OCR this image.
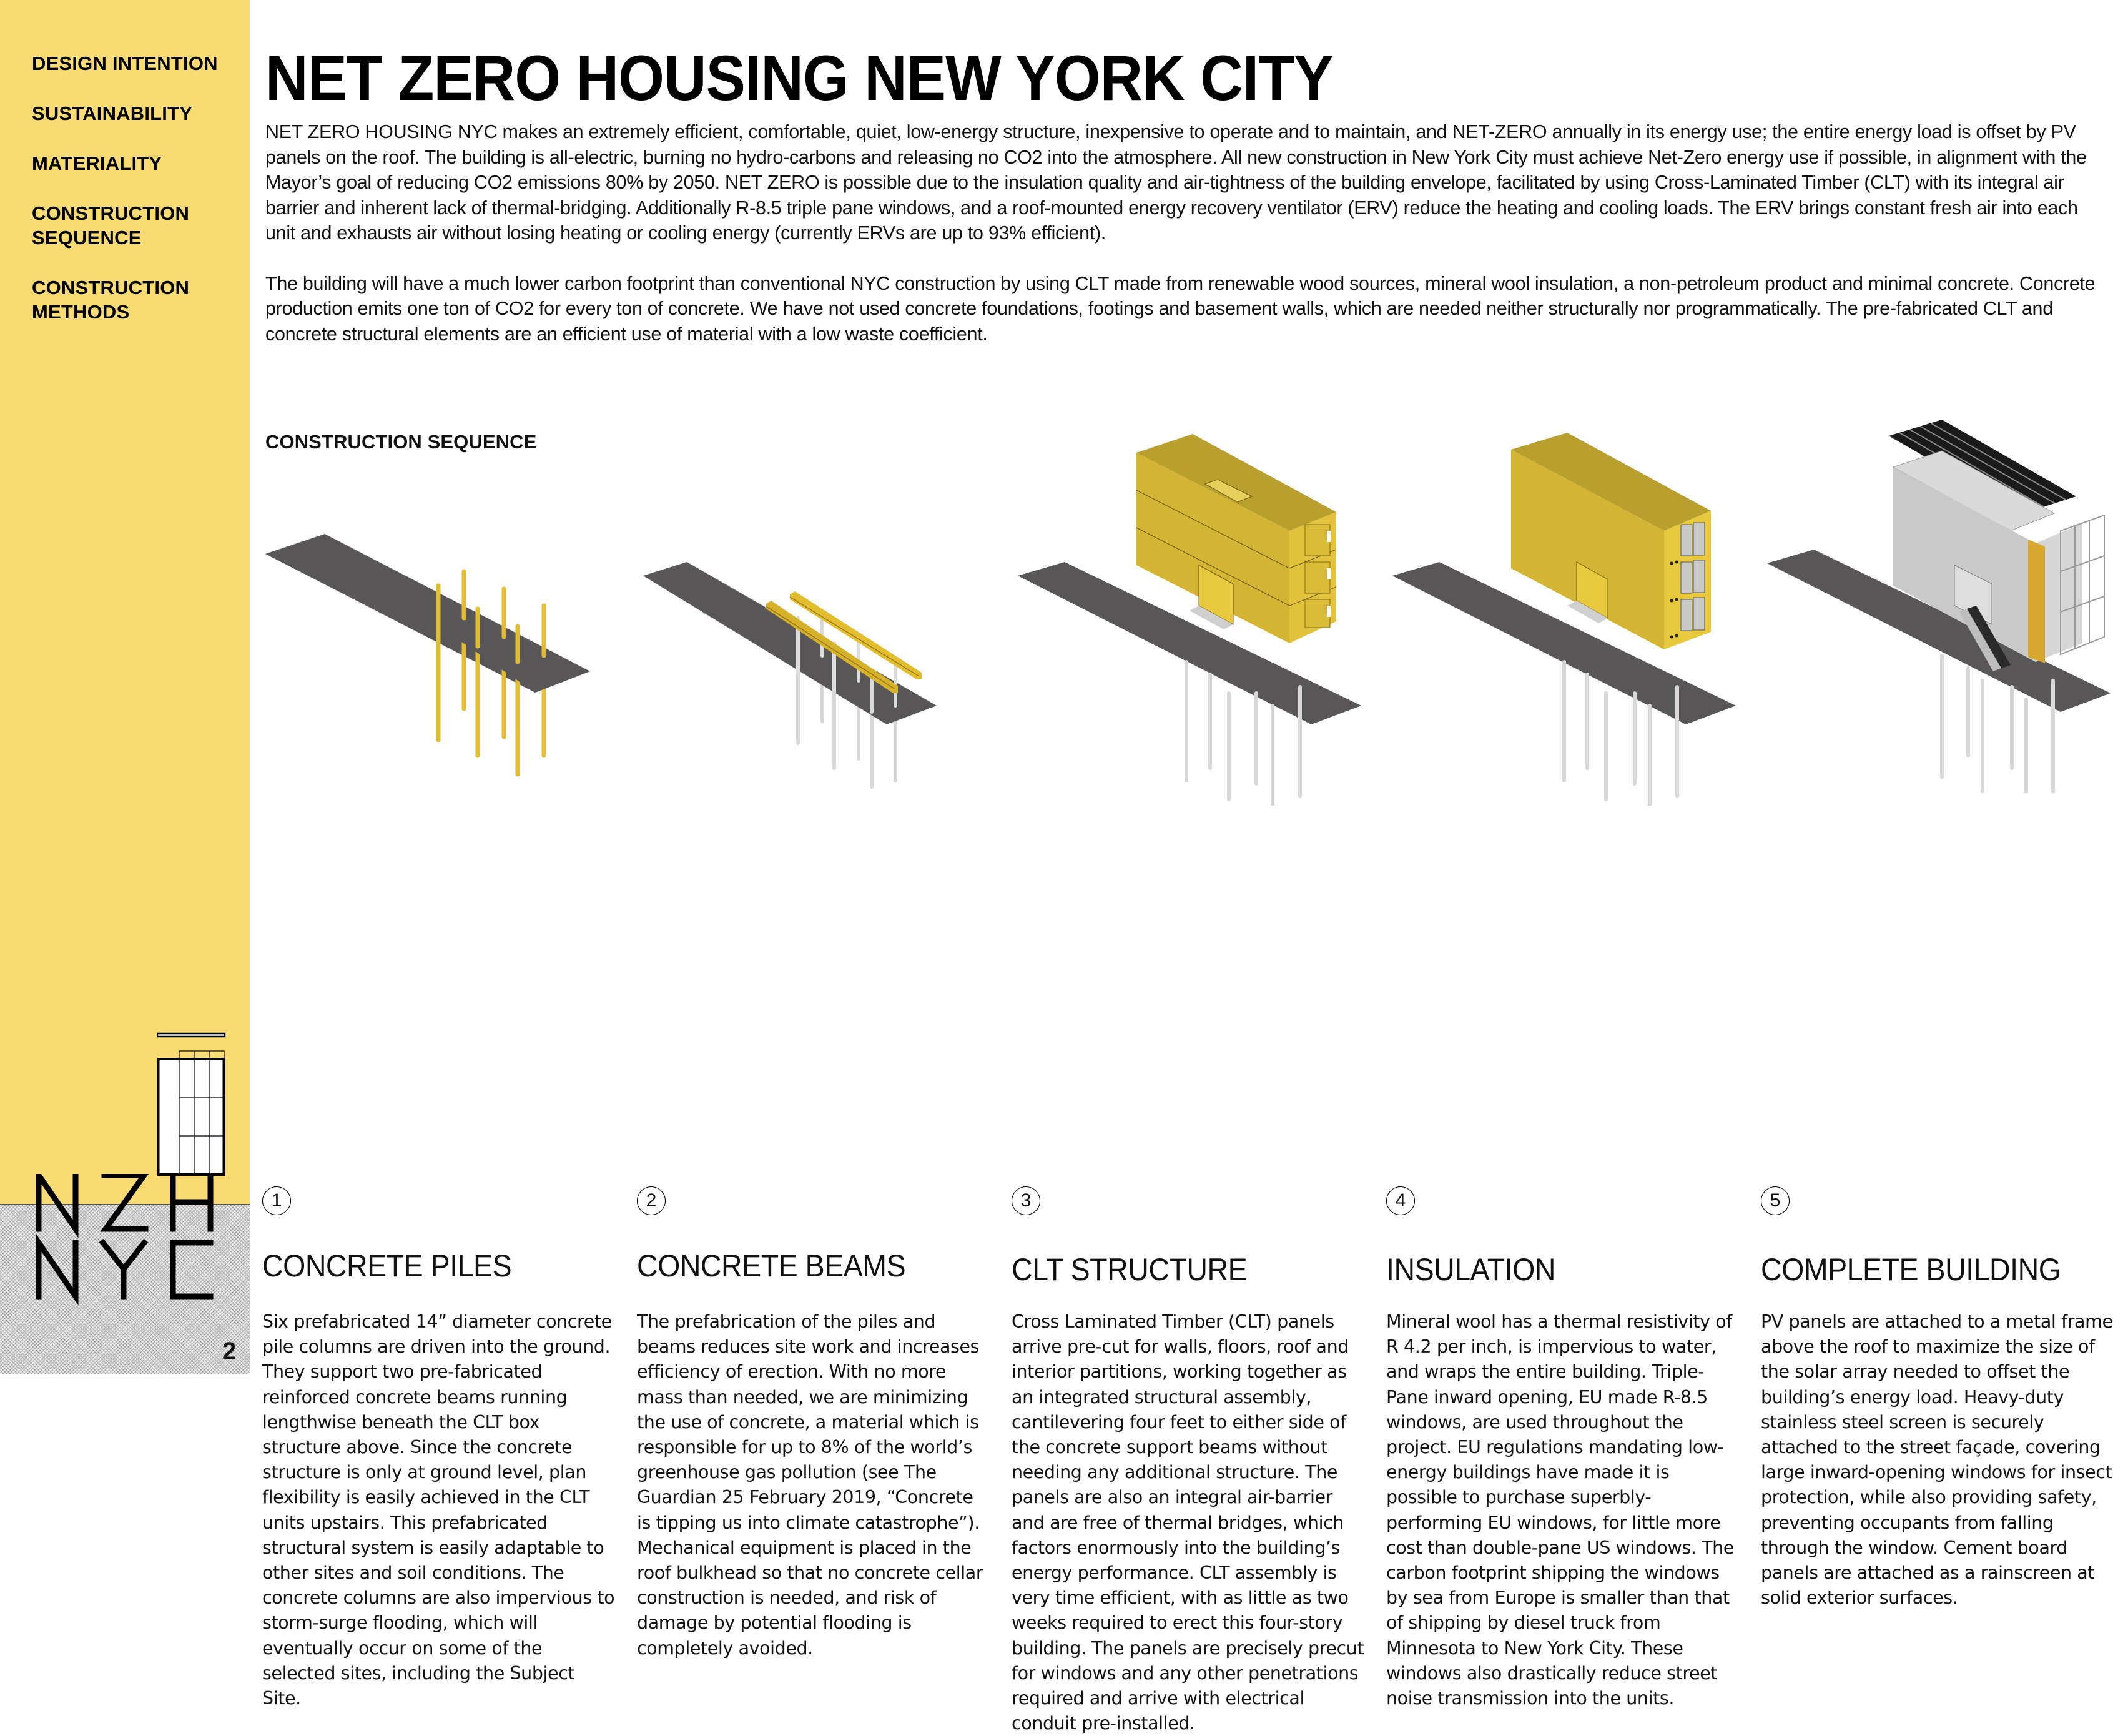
DESIGN INTENTION
SUSTAINABILITY
MATERIALITY
CONSTRUCTION SEQUENCE
CONSTRUCTION METHODS
2
NET ZERO HOUSING NEW YORK CITY

NET ZERO HOUSING NYC makes an extremely efficient, comfortable, quiet, low-energy structure, inexpensive to operate and to maintain, and NET-ZERO annually in its energy use; the entire energy load is offset by PV panels on the roof. The building is all-electric, burning no hydro-carbons and releasing no CO2 into the atmosphere. All new construction in New York City must achieve Net-Zero energy use if possible, in alignment with the Mayor’s goal of reducing CO2 emissions 80% by 2050. NET ZERO is possible due to the insulation quality and air-tightness of the building envelope, facilitated by using Cross-Laminated Timber (CLT) with its integral air barrier and inherent lack of thermal-bridging. Additionally R-8.5 triple pane windows, and a roof-mounted energy recovery ventilator (ERV) reduce the heating and cooling loads. The ERV brings constant fresh air into each unit and exhausts air without losing heating or cooling energy (currently ERVs are up to 93% efficient).

The building will have a much lower carbon footprint than conventional NYC construction by using CLT made from renewable wood sources, mineral wool insulation, a non-petroleum product and minimal concrete. Concrete production emits one ton of CO2 for every ton of concrete. We have not used concrete foundations, footings and basement walls, which are needed neither structurally nor programmatically. The pre-fabricated CLT and concrete structural elements are an efficient use of material with a low waste coefficient.

CONSTRUCTION SEQUENCE
1
CONCRETE PILES
Six prefabricated 14” diameter concrete pile columns are driven into the ground. They support two pre-fabricated reinforced concrete beams running lengthwise beneath the CLT box structure above. Since the concrete structure is only at ground level, plan flexibility is easily achieved in the CLT units upstairs. This prefabricated structural system is easily adaptable to other sites and soil conditions. The concrete columns are also impervious to storm-surge flooding, which will eventually occur on some of the selected sites, including the Subject Site.
2
CONCRETE BEAMS
The prefabrication of the piles and beams reduces site work and increases efficiency of erection. With no more mass than needed, we are minimizing the use of concrete, a material which is responsible for up to 8% of the world’s greenhouse gas pollution (see The Guardian 25 February 2019, “Concrete is tipping us into climate catastrophe”). Mechanical equipment is placed in the roof bulkhead so that no concrete cellar construction is needed, and risk of damage by potential flooding is completely avoided.
3
CLT STRUCTURE
Cross Laminated Timber (CLT) panels arrive pre-cut for walls, floors, roof and interior partitions, working together as an integrated structural assembly, cantilevering four feet to either side of the concrete support beams without needing any additional structure. The panels are also an integral air-barrier and are free of thermal bridges, which factors enormously into the building’s energy performance. CLT assembly is very time efficient, with as little as two weeks required to erect this four-story building. The panels are precisely precut for windows and any other penetrations required and arrive with electrical conduit pre-installed.
4
INSULATION
Mineral wool has a thermal resistivity of R 4.2 per inch, is impervious to water, and wraps the entire building. Triple-Pane inward opening, EU made R-8.5 windows, are used throughout the project. EU regulations mandating low-energy buildings have made it is possible to purchase superbly-performing EU windows, for little more cost than double-pane US windows. The carbon footprint shipping the windows by sea from Europe is smaller than that of shipping by diesel truck from Minnesota to New York City. These windows also drastically reduce street noise transmission into the units.
5
COMPLETE BUILDING
PV panels are attached to a metal frame above the roof to maximize the size of the solar array needed to offset the building’s energy load. Heavy-duty stainless steel screen is securely attached to the street façade, covering large inward-opening windows for insect protection, while also providing safety, preventing occupants from falling through the window. Cement board panels are attached as a rainscreen at solid exterior surfaces.
